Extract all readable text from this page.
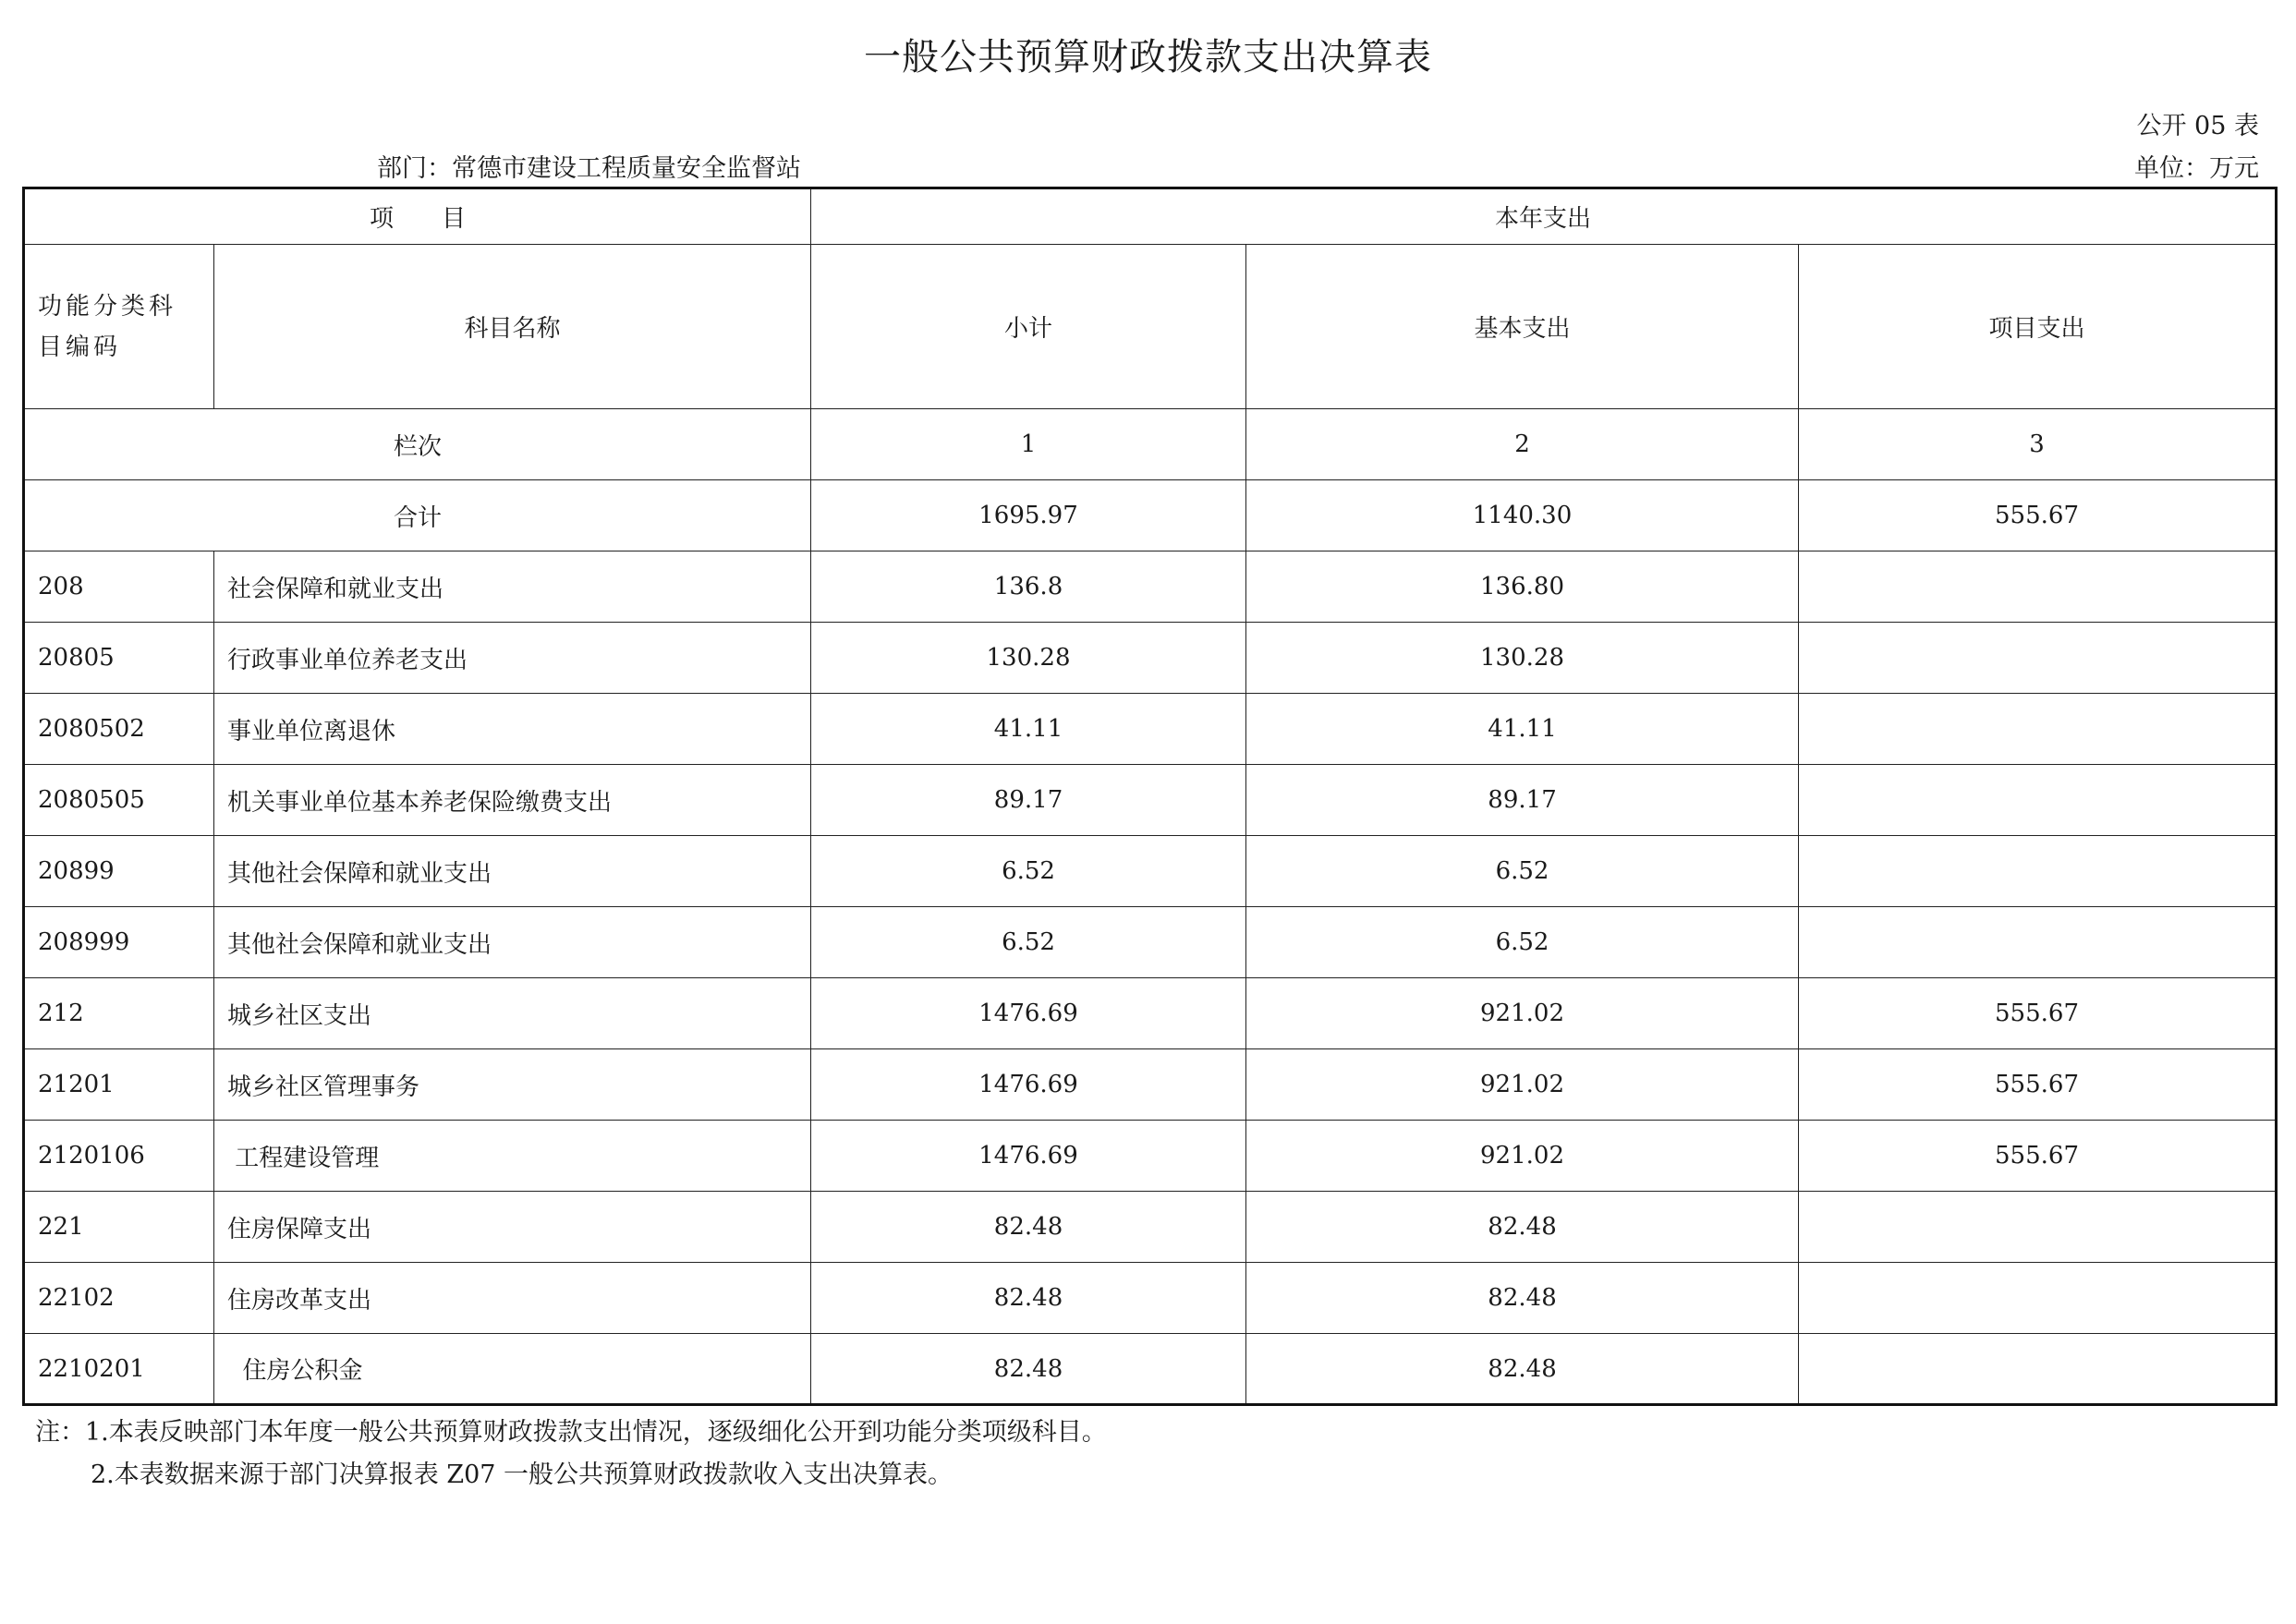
一般公共预算财政拨款支出决算表
公开 05 表
部门：常德市建设工程质量安全监督站	单位：万元
项　　目		本年支出		
功能分类科目编码	科目名称	小计	基本支出	项目支出
栏次		1	2	3
合计		1695.97	1140.30	555.67
208	社会保障和就业支出	136.8	136.80	
20805	行政事业单位养老支出	130.28	130.28	
2080502	事业单位离退休	41.11	41.11	
2080505	机关事业单位基本养老保险缴费支出	89.17	89.17	
20899	其他社会保障和就业支出	6.52	6.52	
208999	其他社会保障和就业支出	6.52	6.52	
212	城乡社区支出	1476.69	921.02	555.67
21201	城乡社区管理事务	1476.69	921.02	555.67
2120106	工程建设管理	1476.69	921.02	555.67
221	住房保障支出	82.48	82.48	
22102	住房改革支出	82.48	82.48	
2210201	住房公积金	82.48	82.48	
注：1.本表反映部门本年度一般公共预算财政拨款支出情况，逐级细化公开到功能分类项级科目。
2.本表数据来源于部门决算报表 Z07 一般公共预算财政拨款收入支出决算表。
